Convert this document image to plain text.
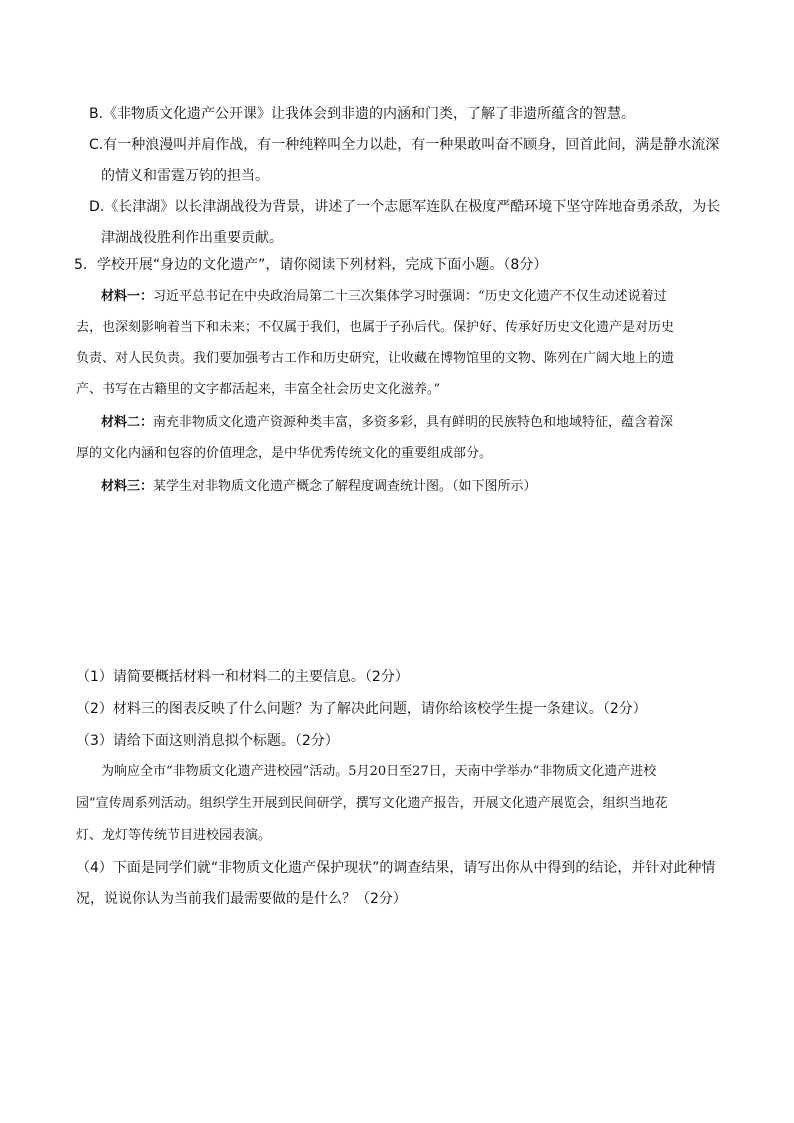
B.《非物质文化遗产公开课》让我体会到非遗的内涵和门类，了解了非遗所蕴含的智慧。
C.有一种浪漫叫并肩作战，有一种纯粹叫全力以赴，有一种果敢叫奋不顾身，回首此间，满是静水流深
的情义和雷霆万钧的担当。
D.《长津湖》以长津湖战役为背景，讲述了一个志愿军连队在极度严酷环境下坚守阵地奋勇杀敌，为长
津湖战役胜利作出重要贡献。
5．学校开展“身边的文化遗产”，请你阅读下列材料，完成下面小题。（8分）
材料一：习近平总书记在中央政治局第二十三次集体学习时强调：“历史文化遗产不仅生动述说着过
去，也深刻影响着当下和未来；不仅属于我们，也属于子孙后代。保护好、传承好历史文化遗产是对历史
负责、对人民负责。我们要加强考古工作和历史研究，让收藏在博物馆里的文物、陈列在广阔大地上的遗
产、书写在古籍里的文字都活起来，丰富全社会历史文化滋养。”
材料二：南充非物质文化遗产资源种类丰富，多资多彩，具有鲜明的民族特色和地域特征，蕴含着深
厚的文化内涵和包容的价值理念，是中华优秀传统文化的重要组成部分。
材料三：某学生对非物质文化遗产概念了解程度调查统计图。（如下图所示）
（1）请简要概括材料一和材料二的主要信息。（2分）
（2）材料三的图表反映了什么问题？为了解决此问题，请你给该校学生提一条建议。（2分）
（3）请给下面这则消息拟个标题。（2分）
为响应全市“非物质文化遗产进校园”活动。5月20日至27日，天南中学举办“非物质文化遗产进校
园”宣传周系列活动。组织学生开展到民间研学，撰写文化遗产报告，开展文化遗产展览会，组织当地花
灯、龙灯等传统节目进校园表演。
（4）下面是同学们就“非物质文化遗产保护现状”的调查结果，请写出你从中得到的结论，并针对此种情
况，说说你认为当前我们最需要做的是什么？（2分）
